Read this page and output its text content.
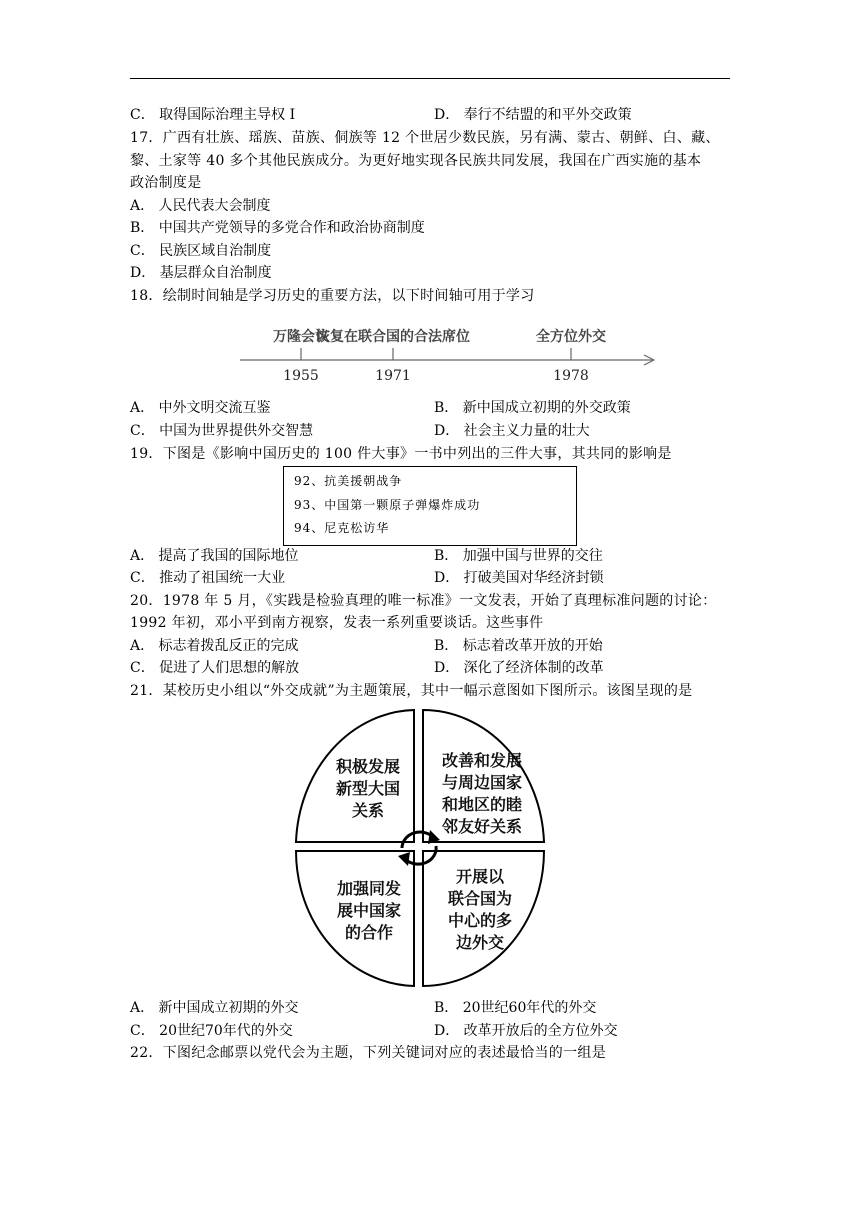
C． 取得国际治理主导权 I	D． 奉行不结盟的和平外交政策
17．广西有壮族、瑶族、苗族、侗族等 12 个世居少数民族，另有满、蒙古、朝鲜、白、藏、
黎、土家等 40 多个其他民族成分。为更好地实现各民族共同发展，我国在广西实施的基本
政治制度是
A． 人民代表大会制度
B． 中国共产党领导的多党合作和政治协商制度
C． 民族区域自治制度
D． 基层群众自治制度
18．绘制时间轴是学习历史的重要方法，以下时间轴可用于学习
万隆会议
恢复在联合国的合法席位	全方位外交
1955	1971	1978
A． 中外文明交流互鉴	B． 新中国成立初期的外交政策
C． 中国为世界提供外交智慧	D． 社会主义力量的壮大
19．下图是《影响中国历史的 100 件大事》一书中列出的三件大事，其共同的影响是
92、抗美援朝战争
93、中国第一颗原子弹爆炸成功
94、尼克松访华
A． 提高了我国的国际地位	B． 加强中国与世界的交往
C． 推动了祖国统一大业	D． 打破美国对华经济封锁
20．1978 年 5 月，《实践是检验真理的唯一标准》一文发表，开始了真理标准问题的讨论：
1992 年初，邓小平到南方视察，发表一系列重要谈话。这些事件
A． 标志着拨乱反正的完成	B． 标志着改革开放的开始
C． 促进了人们思想的解放	D． 深化了经济体制的改革
21．某校历史小组以“外交成就”为主题策展，其中一幅示意图如下图所示。该图呈现的是
积极发展
新型大国
关系
改善和发展
与周边国家
和地区的睦
邻友好关系
加强同发
展中国家
的合作
开展以
联合国为
中心的多
边外交
A． 新中国成立初期的外交	B． 20世纪60年代的外交
C． 20世纪70年代的外交	D． 改革开放后的全方位外交
22．下图纪念邮票以党代会为主题，下列关键词对应的表述最恰当的一组是
